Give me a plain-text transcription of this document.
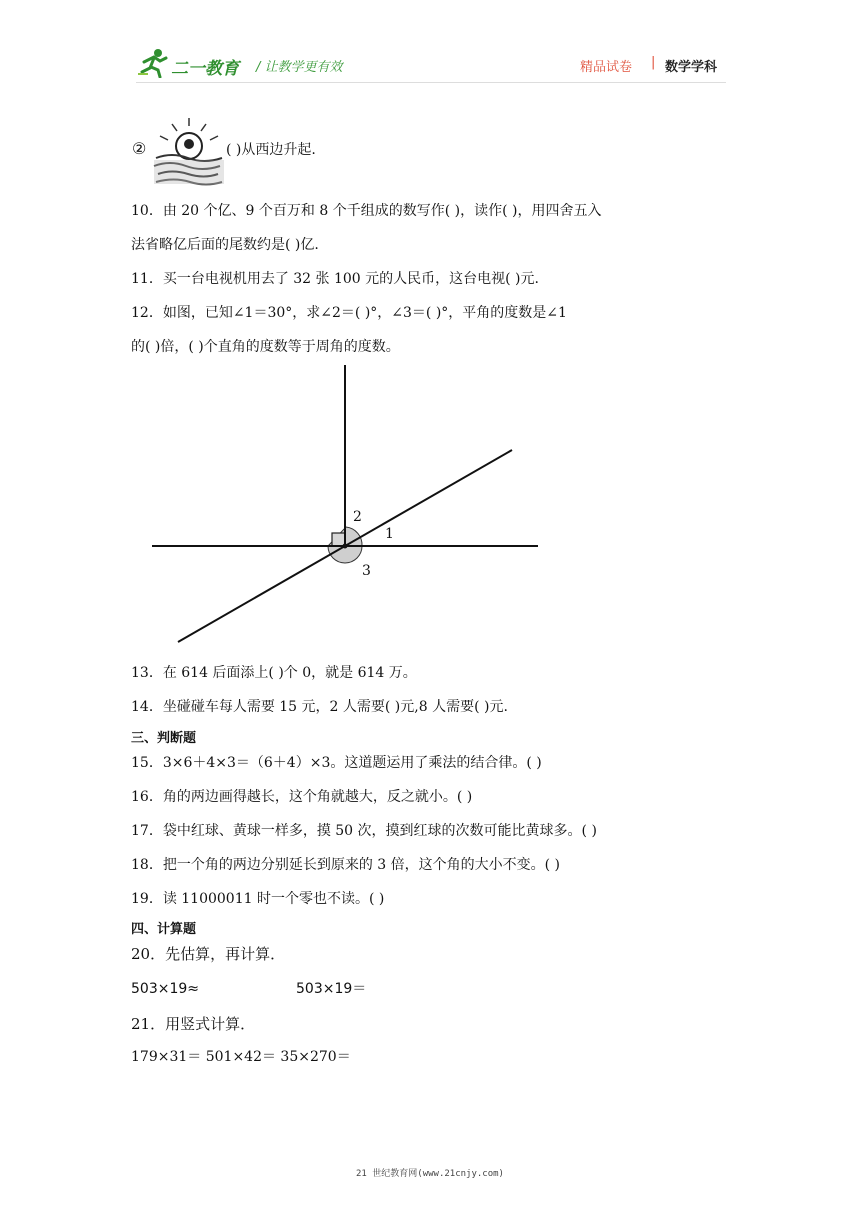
二一教育 / 让教学更有效	精品试卷 | 数学学科
②	( )从西边升起.
10．由 20 个亿、9 个百万和 8 个千组成的数写作( )，读作( )，用四舍五入
法省略亿后面的尾数约是( )亿.
11．买一台电视机用去了 32 张 100 元的人民币，这台电视( )元.
12．如图，已知∠1＝30°，求∠2＝( )°，∠3＝( )°，平角的度数是∠1
的( )倍，( )个直角的度数等于周角的度数。
2
1
3
13．在 614 后面添上( )个 0，就是 614 万。
14．坐碰碰车每人需要 15 元，2 人需要( )元,8 人需要( )元.
三、判断题
15．3×6＋4×3＝（6＋4）×3。这道题运用了乘法的结合律。( )
16．角的两边画得越长，这个角就越大，反之就小。( )
17．袋中红球、黄球一样多，摸 50 次，摸到红球的次数可能比黄球多。( )
18．把一个角的两边分别延长到原来的 3 倍，这个角的大小不变。( )
19．读 11000011 时一个零也不读。( )
四、计算题
20．先估算，再计算．
503×19≈	503×19＝
21．用竖式计算．
179×31＝ 501×42＝ 35×270＝
21 世纪教育网(www.21cnjy.com)
